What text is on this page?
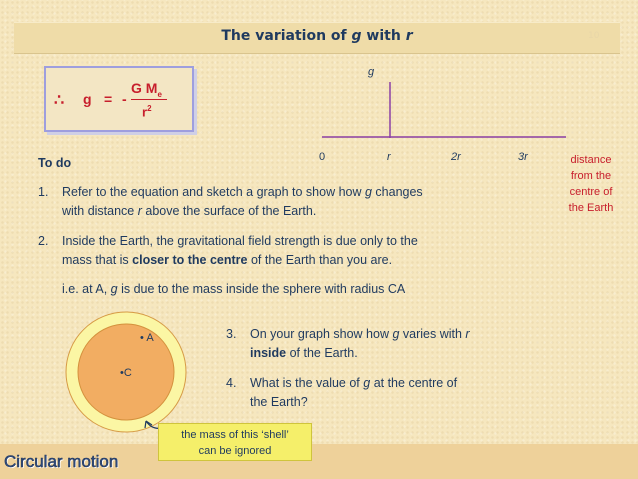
The variation of g with r	10
∴ g = -
G $M_e$
$r^2$
g
0	r	2r	3r	distance
from the
centre of
the Earth
To do
1. Refer to the equation and sketch a graph to show how g changes
with distance r above the surface of the Earth.
2. Inside the Earth, the gravitational field strength is due only to the
mass that is closer to the centre of the Earth than you are.
i.e. at A, g is due to the mass inside the sphere with radius CA
• A
•C
3. On your graph show how g varies with r
inside of the Earth.
4. What is the value of g at the centre of
the Earth?
Circular motion
the mass of this ‘shell’
can be ignored
